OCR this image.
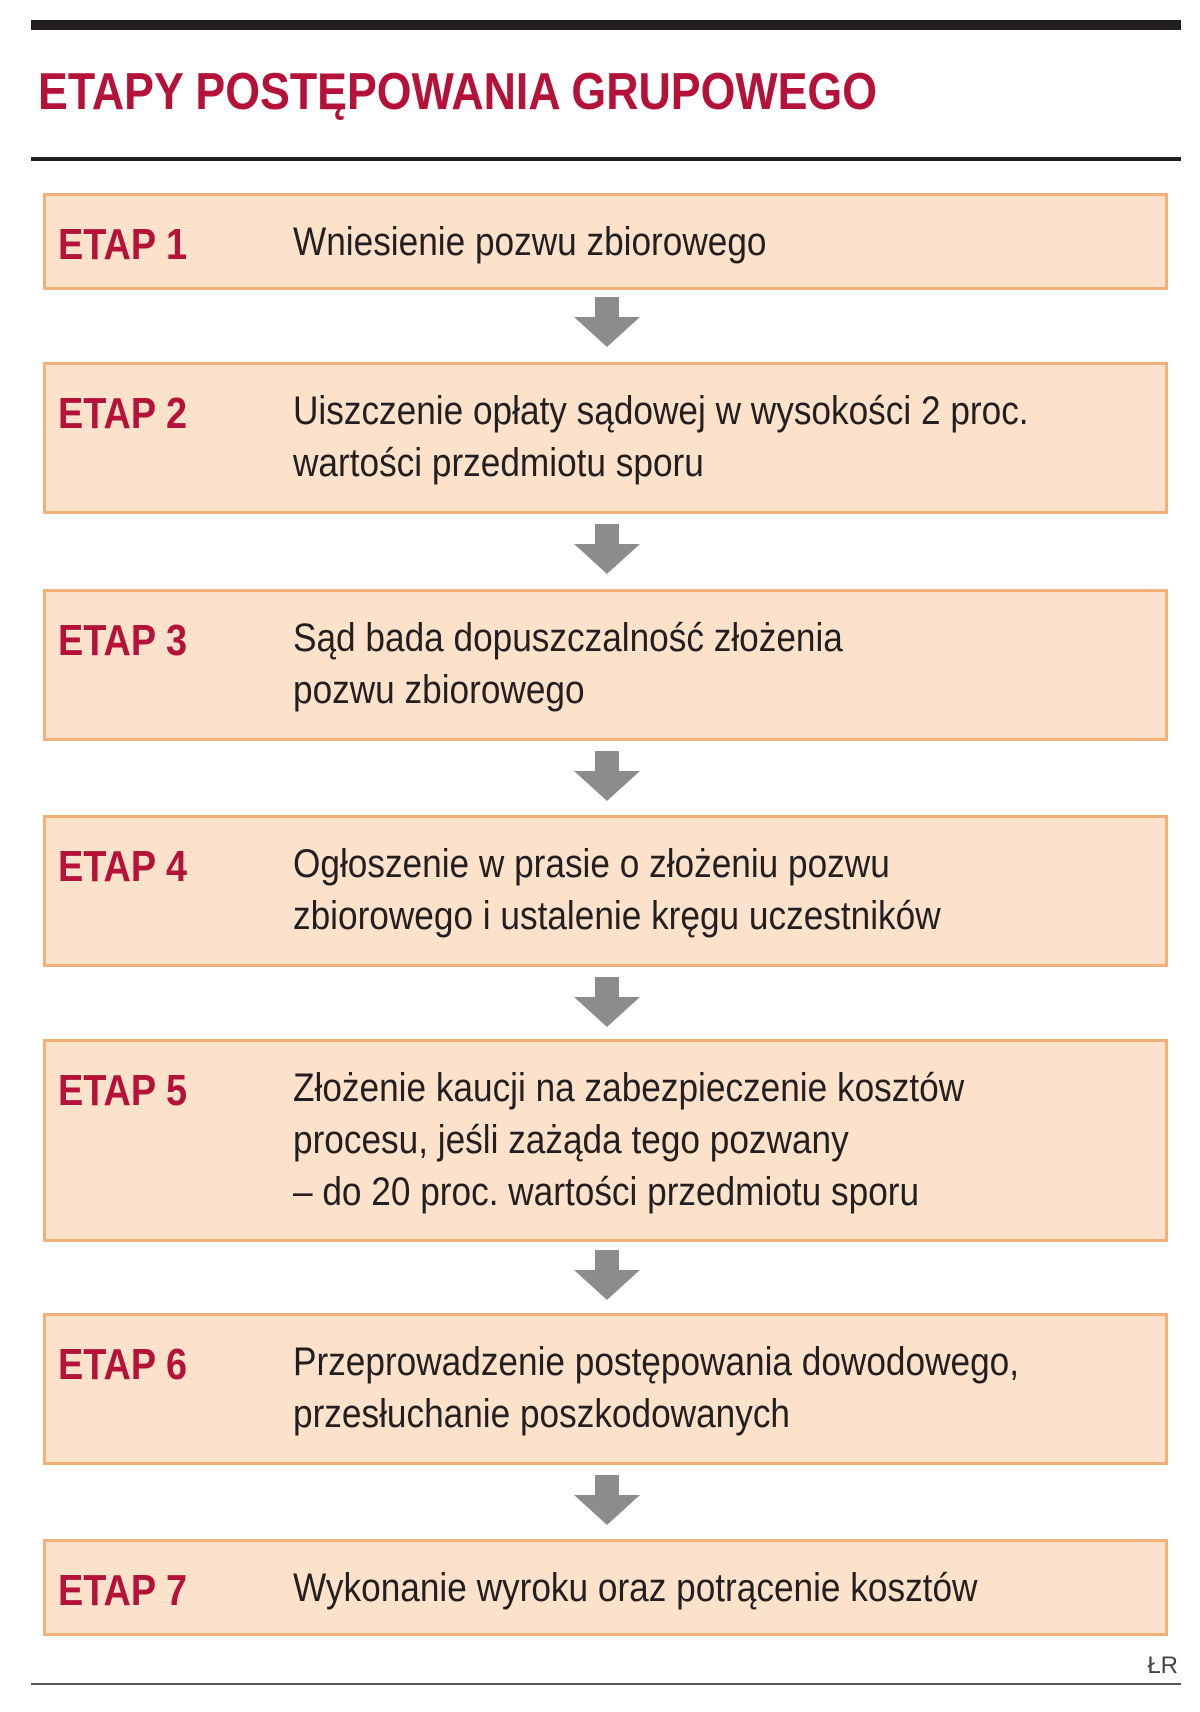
ETAPY POSTĘPOWANIA GRUPOWEGO
ETAP 1	Wniesienie pozwu zbiorowego
ETAP 2	Uiszczenie opłaty sądowej w wysokości 2 proc.
wartości przedmiotu sporu
ETAP 3	Sąd bada dopuszczalność złożenia
pozwu zbiorowego
ETAP 4	Ogłoszenie w prasie o złożeniu pozwu
zbiorowego i ustalenie kręgu uczestników
ETAP 5	Złożenie kaucji na zabezpieczenie kosztów
procesu, jeśli zażąda tego pozwany
– do 20 proc. wartości przedmiotu sporu
ETAP 6	Przeprowadzenie postępowania dowodowego,
przesłuchanie poszkodowanych
ETAP 7	Wykonanie wyroku oraz potrącenie kosztów
ŁR
